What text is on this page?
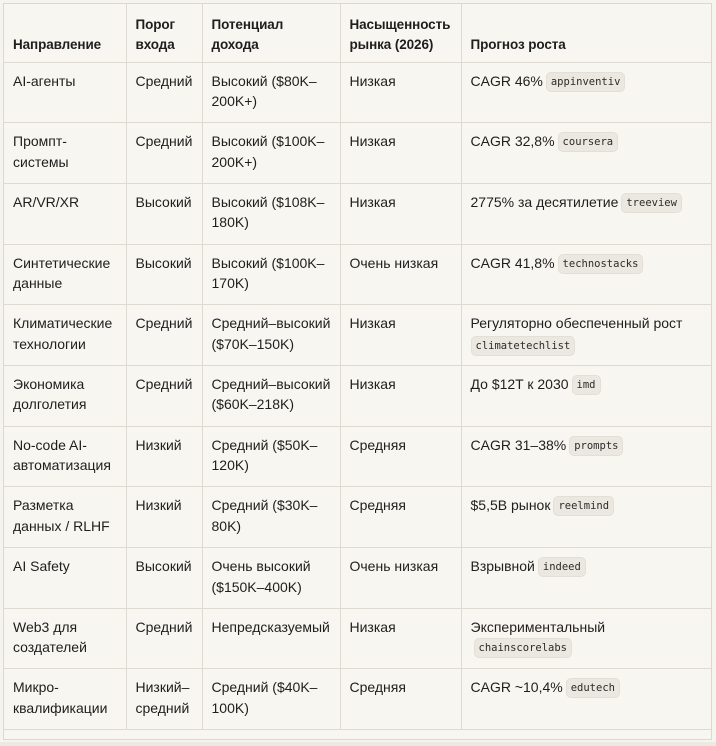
Направление	Порог входа	Потенциал дохода	Насыщенность рынка (2026)	Прогноз роста
AI-агенты	Средний	Высокий ($80K–200K+)	Низкая	CAGR 46% appinventiv
Промпт-системы	Средний	Высокий ($100K–200K+)	Низкая	CAGR 32,8% coursera
AR/VR/XR	Высокий	Высокий ($108K–180K)	Низкая	2775% за десятилетие treeview
Синтетические данные	Высокий	Высокий ($100K–170K)	Очень низкая	CAGR 41,8% technostacks
Климатические технологии	Средний	Средний–высокий ($70K–150K)	Низкая	Регуляторно обеспеченный рост
climatetechlist
Экономика долголетия	Средний	Средний–высокий ($60K–218K)	Низкая	До $12T к 2030 imd
No-code AI-автоматизация	Низкий	Средний ($50K–120K)	Средняя	CAGR 31–38% prompts
Разметка данных / RLHF	Низкий	Средний ($30K–80K)	Средняя	$5,5B рынок reelmind
AI Safety	Высокий	Очень высокий ($150K–400K)	Очень низкая	Взрывной indeed
Web3 для создателей	Средний	Непредсказуемый	Низкая	Экспериментальныйchainscorelabs
Микро-квалификации	Низкий–средний	Средний ($40K–100K)	Средняя	CAGR ~10,4% edutech
